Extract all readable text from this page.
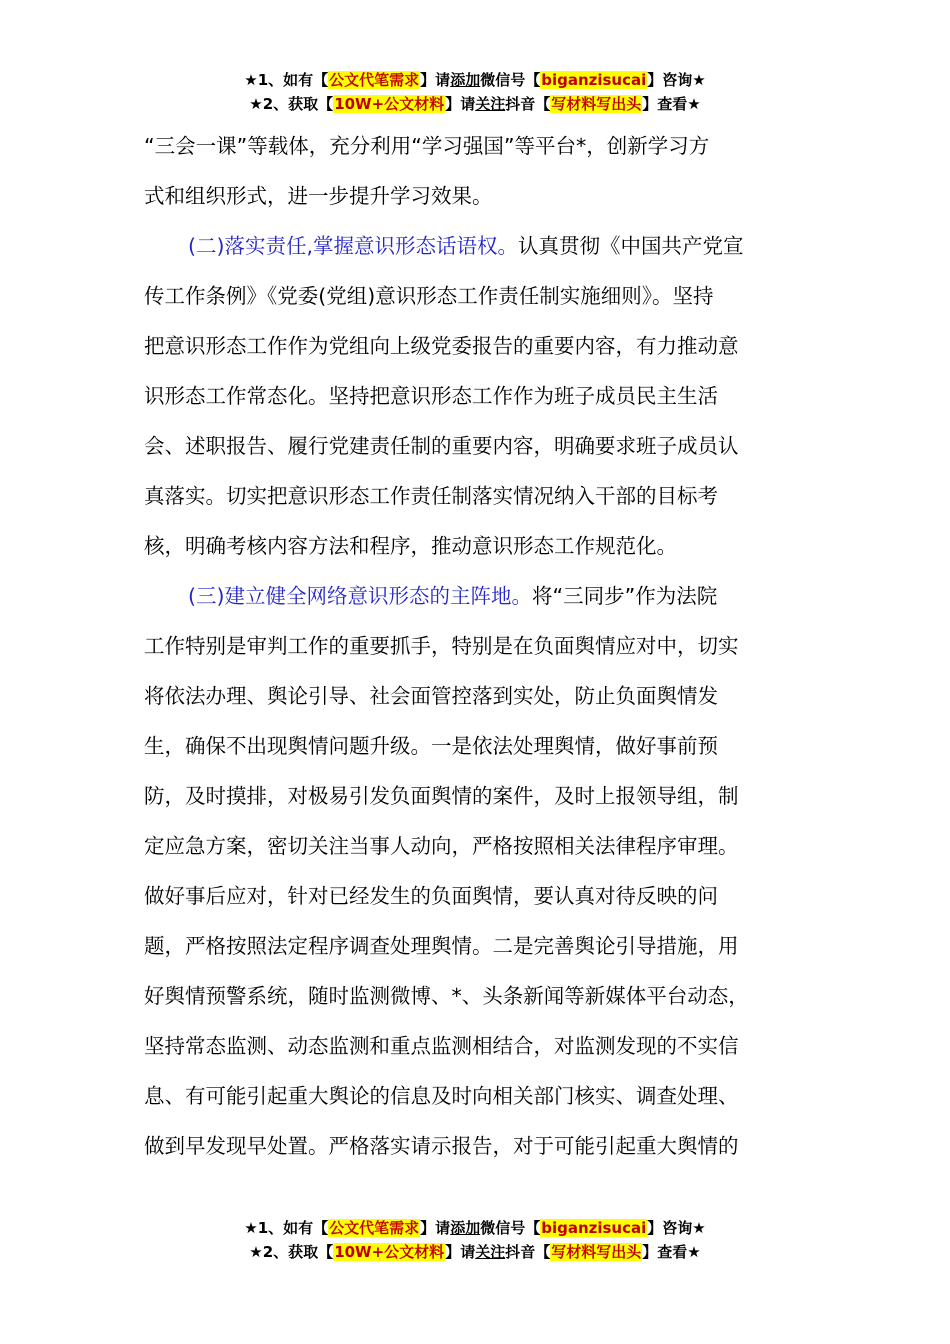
★1、如有【公文代笔需求】请添加微信号【biganzisucai】咨询★
★2、获取【10W+公文材料】请关注抖音【写材料写出头】查看★
“三会一课”等载体，充分利用“学习强国”等平台*，创新学习方
式和组织形式，进一步提升学习效果。
(二)落实责任,掌握意识形态话语权。认真贯彻《中国共产党宣
传工作条例》《党委(党组)意识形态工作责任制实施细则》。坚持
把意识形态工作作为党组向上级党委报告的重要内容，有力推动意
识形态工作常态化。坚持把意识形态工作作为班子成员民主生活
会、述职报告、履行党建责任制的重要内容，明确要求班子成员认
真落实。切实把意识形态工作责任制落实情况纳入干部的目标考
核，明确考核内容方法和程序，推动意识形态工作规范化。
(三)建立健全网络意识形态的主阵地。将“三同步”作为法院
工作特别是审判工作的重要抓手，特别是在负面舆情应对中，切实
将依法办理、舆论引导、社会面管控落到实处，防止负面舆情发
生，确保不出现舆情问题升级。一是依法处理舆情，做好事前预
防，及时摸排，对极易引发负面舆情的案件，及时上报领导组，制
定应急方案，密切关注当事人动向，严格按照相关法律程序审理。
做好事后应对，针对已经发生的负面舆情，要认真对待反映的问
题，严格按照法定程序调查处理舆情。二是完善舆论引导措施，用
好舆情预警系统，随时监测微博、*、头条新闻等新媒体平台动态，
坚持常态监测、动态监测和重点监测相结合，对监测发现的不实信
息、有可能引起重大舆论的信息及时向相关部门核实、调查处理、
做到早发现早处置。严格落实请示报告，对于可能引起重大舆情的
★1、如有【公文代笔需求】请添加微信号【biganzisucai】咨询★
★2、获取【10W+公文材料】请关注抖音【写材料写出头】查看★
